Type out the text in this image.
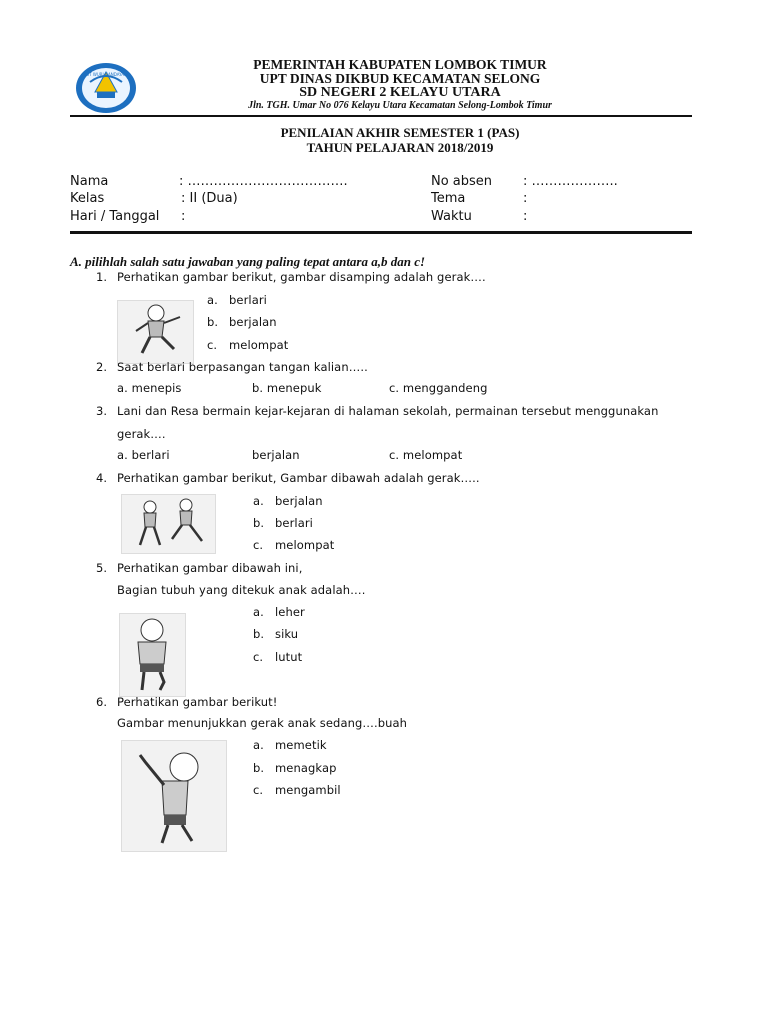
TUT WURI HANDAYANI
PEMERINTAH KABUPATEN LOMBOK TIMUR
UPT DINAS DIKBUD KECAMATAN SELONG
SD NEGERI 2 KELAYU UTARA
Jln. TGH. Umar No 076 Kelayu Utara Kecamatan Selong-Lombok Timur
PENILAIAN AKHIR SEMESTER 1 (PAS)
TAHUN PELAJARAN 2018/2019
Nama	: ……………………………….
Kelas	: II (Dua)
Hari / Tanggal :
No absen : ………………..
Tema	:
Waktu	:
A. pilihlah salah satu jawaban yang paling tepat antara a,b dan c!
1. Perhatikan gambar berikut, gambar disamping adalah gerak….
a. berlari
b. berjalan
c. melompat
2. Saat berlari berpasangan tangan kalian…..
a. menepis	b. menepuk	c. menggandeng
3. Lani dan Resa bermain kejar-kejaran di halaman sekolah, permainan tersebut menggunakan
gerak….
a. berlari	berjalan	c. melompat
4. Perhatikan gambar berikut, Gambar dibawah adalah gerak…..
a. berjalan
b. berlari
c. melompat
5. Perhatikan gambar dibawah ini,
Bagian tubuh yang ditekuk anak adalah….
a. leher
b. siku
c. lutut
6. Perhatikan gambar berikut!
Gambar menunjukkan gerak anak sedang….buah
a. memetik
b. menagkap
c. mengambil
